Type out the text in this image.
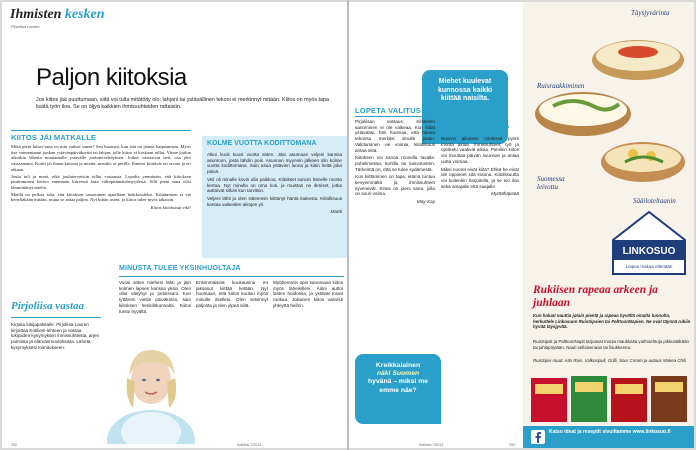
Ihmisten kesken
Pirjoliisa Lauren
Paljon kiitoksia
Jos kiitos jää puuttumaan, siitä voi tulla mitätöity olo: lahjani tai ystävällinen tekoni ei merkinnyt mitään. Kiitos on myös tapa lisätä työn iloa. Se on öljyä kaikkien ihmissuhteiden rattaisiin.
KIITOS JÄI MATKALLE

Mikä pieni kiitos-sana on niin vaikea sanoa? Sen huomaa, kun sitä on jäänyt kaipaamaan. Myös itse vaimentanut jonkun ystävänpäiväkortin tai lahjan, jolle kiitos ei koskaan tullut. Viime joulun aikoihin lähetin muutamalle ystävälle joulutervehdyksen. Jotkut vastasivat heti, osa jätti vastaamatta. Kortti jäi ilman kiitosta ja mietin, menikö se perille. Ihmiset kiittävät eri tavoin ja eri aikaan.

Joulu tuli ja meni, eikä jouluterveisiin tullut vastausta. Lopulta ymmärsin, että kiitoksen puuttuminen kertoo enemmän kiireestä kuin välinpitämättömyydestä. Silti pieni sana olisi lämmittänyt mieltä.

Meillä on pelkoa siitä, että kiitoksen sanominen ajatellaan heikkoudeksi. Kiittäminen ei vie keneltäkään mitään, mutta se antaa paljon. Nyt kiitän usein, ja kiitos tulee myös takaisin.

Kiitos kiitoksista eilä!
Pirjoliisa vastaa
Kirjoita lukijapalstalle. Pirjoliisa Lauren kirjoittaa Kotiliesi-lehteen ja vastaa lukijoiden kysymyksiin ihmissuhteista, arjen pulmista ja elämänmuutoksista. Lähetä kysymyksesi toimitukseen.
KOLME VUOTTA KODITTOMANA

Alkoi kuoli kuusi vuotta sitten. Jäin asumaan veljeni kanssa asuntoon, josta lähdin pois. Asunnon myynnin jälkeen olin kolme vuotta kodittomana. Sain asua ystävien luona ja kiitin heitä joka päivä.

Veli oli minulle kovin alla paikkoa. Kiitokset sanoin hänelle monta kertaa. Nyt minulla on oma koti, ja muistan ne ihmiset, jotka auttoivat silloin kun tarvitsin.

Veljeni lähti ja olen sittemmin kiittänyt häntä kaikesta. Kiitollisuus kantaa vaikeiden aikojen yli.

Martti
MINUSTA TULEE YKSINHUOLTAJA
Vuosi sitten mieheni lähti ja jäin kolmen lapsen kanssa yksin. Olen ollut väsynyt ja peloissani. Kun tyttäreni vietiin päiväkotiin, sain kiitoksen henkilökunnalta. Kiitos tuntui hyvältä.
Ensimmäisinä kuukausina en jaksanut kiittää ketään. Nyt huomaan, että kiitos kuuluu myös minulle itselleni. Olen selvinnyt paljosta ja olen ylpeä siitä.
Myöhemmin opin sanomaan kiitos myös läheisilleni. Äitini auttoi lasten hoidossa, ja ystävät toivat ruokaa. Jokainen kiitos vahvisti yhteyttä heihin.
292	Kotiliesi 7/2013
Miehet kuulevat kunnossa kaikki kiittää naisilta.
LOPETA VALITUS

Pirjoliisan vastaus: Kiitoksen sanominen ei ole vaikeaa. Kun kiität ystävääsi, hän huomaa, että hänen tekonsa merkitsi sinulle jotain. Valittaminen vie voimia, kiitollisuus antaa niitä.

Kiitoksen voi sanoa monella tavalla: puhelimessa, kortilla tai kasvotusten. Tärkeintä on, että se tulee sydämestä.

Kun kiittäminen on tapa, elämä tuntuu kevyemmältä ja ihmissuhteet syvenevät. Kiitos on pieni sana, jolla on suuri voima.

May-Kay
Kreikkalainen
näki Suomen
hyvänä – miksi me emme näe?
MIKÄ MAISIA VAIVAA?

Nuoren aikuisen mielessä pyörii monta asiaa. Ihmissuhteet, työ ja opiskelu vaativat aikaa. Pienikin kiitos voi muuttaa päivän suunnan ja antaa uutta voimaa.

Miksi nuoret eivät kiitä? Ehkä he eivät ole oppineet sitä kotona. Kiitollisuutta voi kuitenkin harjoitella, ja se tuo iloa sekä antajalle että saajalle.

Myötähäpeää
Kotiliesi 7/2013	293
Täysjyvärinta
Ruisraakkiminen
Suomessa leivottu
Sääiloteltaanin
LINKOSUO
Leipoo makua elämään
Rukiisen rapeaa arkeen ja juhlaan
Kun haluat nauttia jotain pientä ja rapeaa hyvältä omalta tunnolta, herkuttele Linkosuon RuisSipsien tai PalttoonNapien. Ne ovat täynnä rukiin hyvää täysjyvää.
RuisSipsit ja PalttoonNapit tarjoavat monia maukkaita vaihtoehtoja pikkunälkään tai juhlapöytään. Nauti sellaisenaan tai lisukkeena.
RuisSipsi muut: Aito Ruis, Valkosipuli, Grilli, Sour Cream ja uutuus Makea Chili
Katso ideat ja reseptit sivuiltamme www.linkosuo.fi
